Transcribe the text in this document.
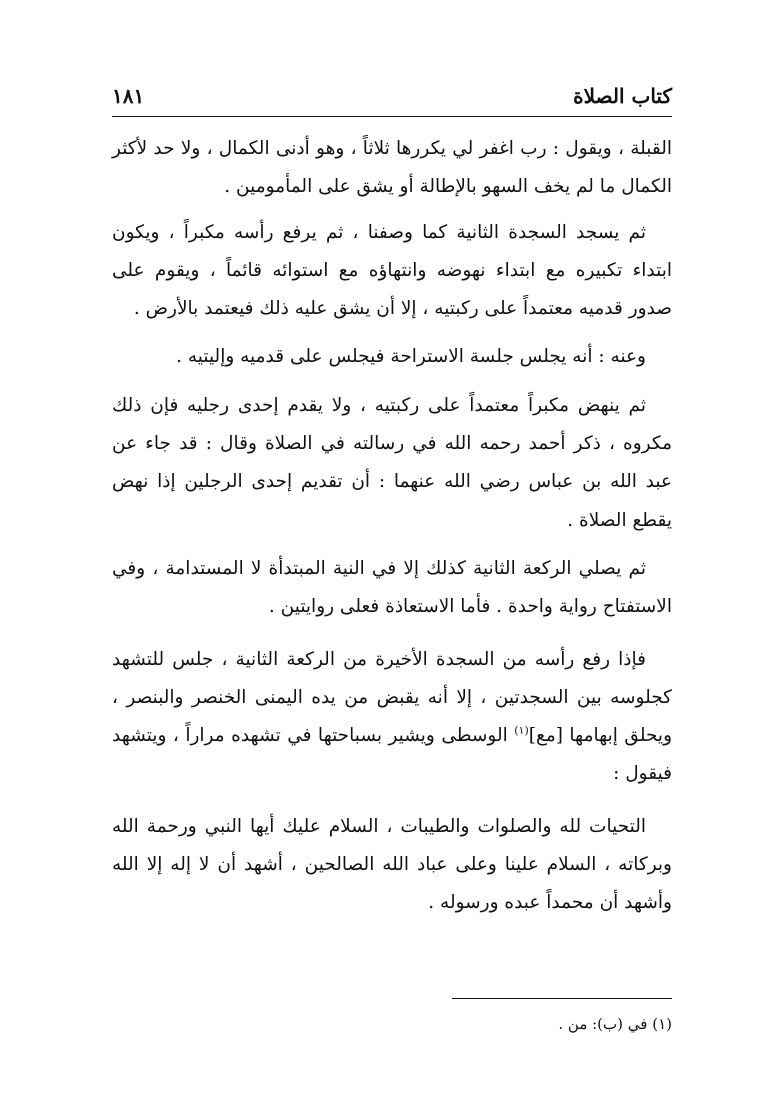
كتاب الصلاة
١٨١

القبلة ، ويقول : رب اغفر لي يكررها ثلاثاً ، وهو أدنى الكمال ، ولا حد لأكثر الكمال ما لم يخف السهو بالإطالة أو يشق على المأمومين .

ثم يسجد السجدة الثانية كما وصفنا ، ثم يرفع رأسه مكبراً ، ويكون ابتداء تكبيره مع ابتداء نهوضه وانتهاؤه مع استوائه قائماً ، ويقوم على صدور قدميه معتمداً على ركبتيه ، إلا أن يشق عليه ذلك فيعتمد بالأرض .

وعنه : أنه يجلس جلسة الاستراحة فيجلس على قدميه وإليتيه .

ثم ينهض مكبراً معتمداً على ركبتيه ، ولا يقدم إحدى رجليه فإن ذلك مكروه ، ذكر أحمد رحمه الله في رسالته في الصلاة وقال : قد جاء عن عبد الله بن عباس رضي الله عنهما : أن تقديم إحدى الرجلين إذا نهض يقطع الصلاة .

ثم يصلي الركعة الثانية كذلك إلا في النية المبتدأة لا المستدامة ، وفي الاستفتاح رواية واحدة . فأما الاستعاذة فعلى روايتين .

فإذا رفع رأسه من السجدة الأخيرة من الركعة الثانية ، جلس للتشهد كجلوسه بين السجدتين ، إلا أنه يقبض من يده اليمنى الخنصر والبنصر ، ويحلق إبهامها [مع]$^{(١)}$ الوسطى ويشير بسباحتها في تشهده مراراً ، ويتشهد فيقول :

التحيات لله والصلوات والطيبات ، السلام عليك أيها النبي ورحمة الله وبركاته ، السلام علينا وعلى عباد الله الصالحين ، أشهد أن لا إله إلا الله وأشهد أن محمداً عبده ورسوله .

(١) في (ب): من .
